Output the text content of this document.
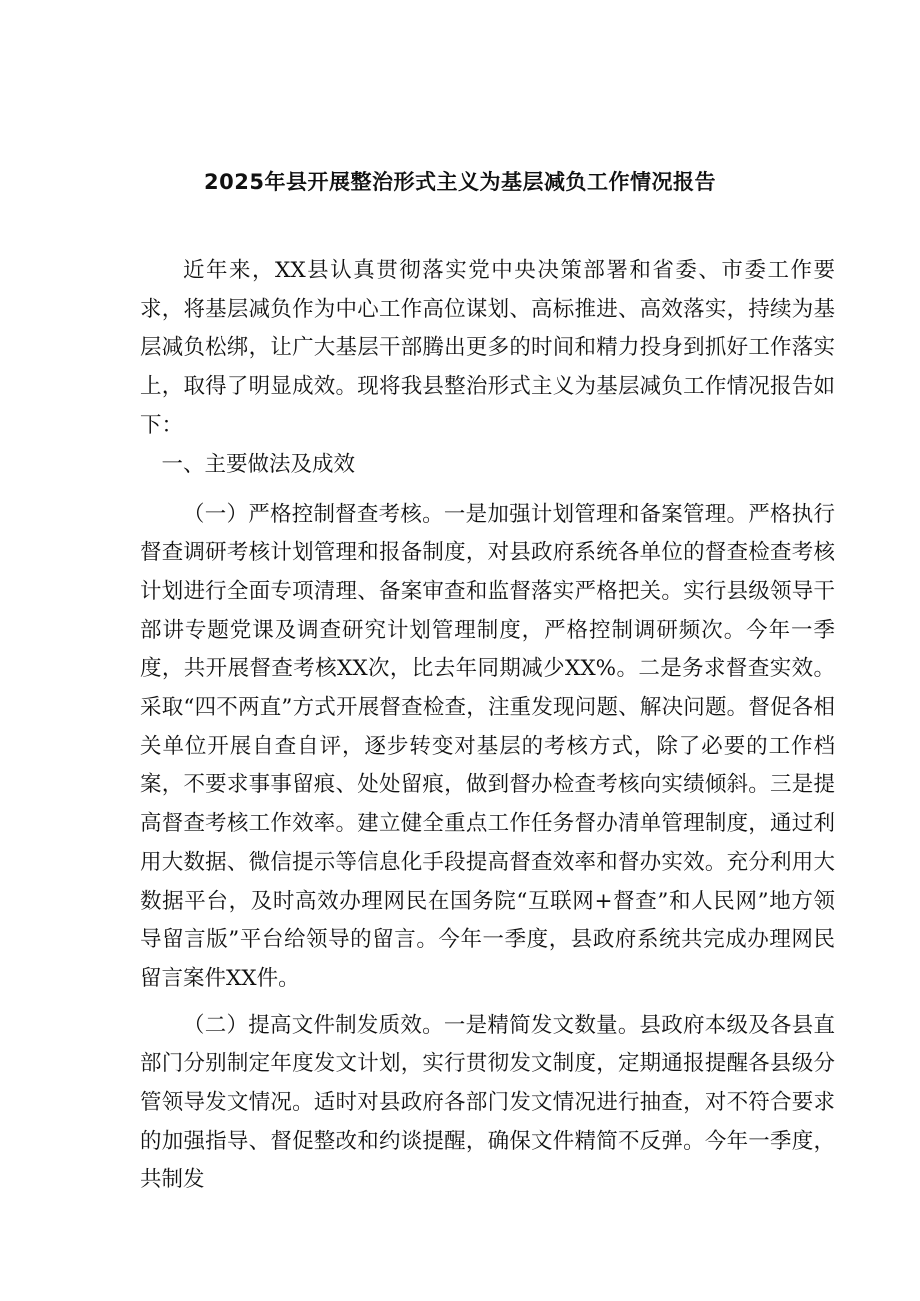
2025年县开展整治形式主义为基层减负工作情况报告

近年来，XX县认真贯彻落实党中央决策部署和省委、市委工作要求，将基层减负作为中心工作高位谋划、高标推进、高效落实，持续为基层减负松绑，让广大基层干部腾出更多的时间和精力投身到抓好工作落实上，取得了明显成效。现将我县整治形式主义为基层减负工作情况报告如下：

一、主要做法及成效

（一）严格控制督查考核。一是加强计划管理和备案管理。严格执行督查调研考核计划管理和报备制度，对县政府系统各单位的督查检查考核计划进行全面专项清理、备案审查和监督落实严格把关。实行县级领导干部讲专题党课及调查研究计划管理制度，严格控制调研频次。今年一季度，共开展督查考核XX次，比去年同期减少XX%。二是务求督查实效。采取“四不两直”方式开展督查检查，注重发现问题、解决问题。督促各相关单位开展自查自评，逐步转变对基层的考核方式，除了必要的工作档案，不要求事事留痕、处处留痕，做到督办检查考核向实绩倾斜。三是提高督查考核工作效率。建立健全重点工作任务督办清单管理制度，通过利用大数据、微信提示等信息化手段提高督查效率和督办实效。充分利用大数据平台，及时高效办理网民在国务院“互联网+督查”和人民网”地方领导留言版”平台给领导的留言。今年一季度，县政府系统共完成办理网民留言案件XX件。

（二）提高文件制发质效。一是精简发文数量。县政府本级及各县直部门分别制定年度发文计划，实行贯彻发文制度，定期通报提醒各县级分管领导发文情况。适时对县政府各部门发文情况进行抽查，对不符合要求的加强指导、督促整改和约谈提醒，确保文件精简不反弹。今年一季度，共制发
